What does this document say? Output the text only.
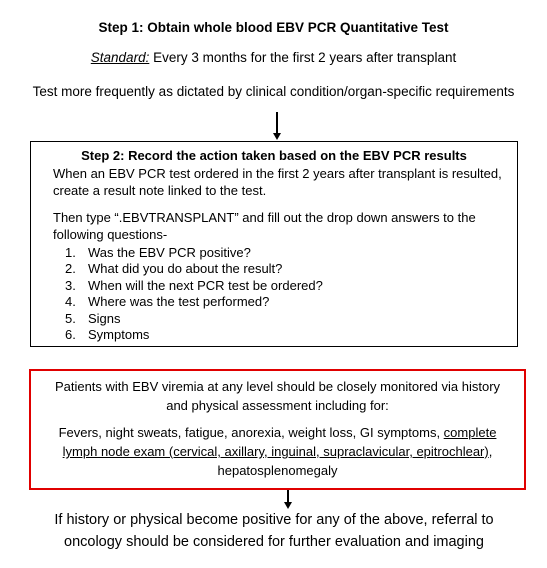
Step 1: Obtain whole blood EBV PCR Quantitative Test
Standard: Every 3 months for the first 2 years after transplant
Test more frequently as dictated by clinical condition/organ-specific requirements
Step 2: Record the action taken based on the EBV PCR results
When an EBV PCR test ordered in the first 2 years after transplant is resulted, create a result note linked to the test.
Then type “.EBVTRANSPLANT” and fill out the drop down answers to the following questions-
1. Was the EBV PCR positive?
2. What did you do about the result?
3. When will the next PCR test be ordered?
4. Where was the test performed?
5. Signs
6. Symptoms
Patients with EBV viremia at any level should be closely monitored via history and physical assessment including for:
Fevers, night sweats, fatigue, anorexia, weight loss, GI symptoms, complete lymph node exam (cervical, axillary, inguinal, supraclavicular, epitrochlear), hepatosplenomegaly
If history or physical become positive for any of the above, referral to oncology should be considered for further evaluation and imaging
